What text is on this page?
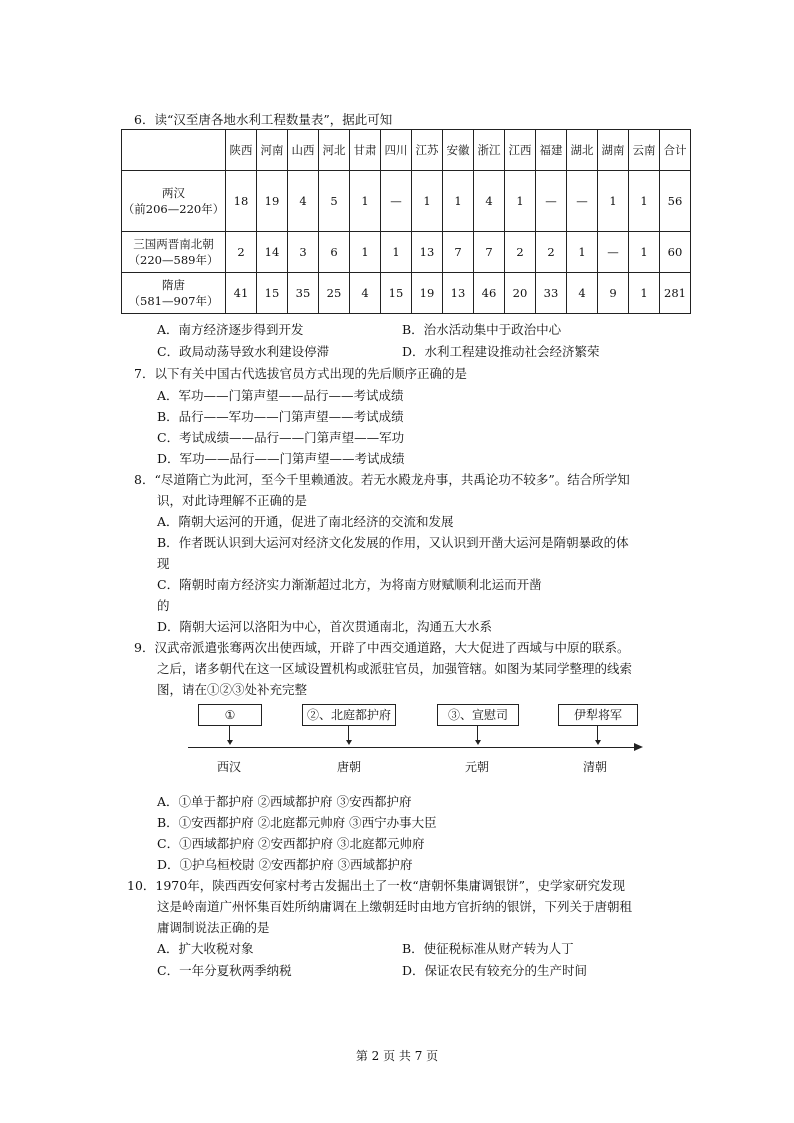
6．读“汉至唐各地水利工程数量表”，据此可知
	陕西	河南	山西	河北	甘肃	四川	江苏	安徽	浙江	江西	福建	湖北	湖南	云南	合计

两汉
（前206—220年）	18	19	4	5	1	—	1	1	4	1	—	—	1	1	56

三国两晋南北朝
（220—589年）	2	14	3	6	1	1	13	7	7	2	2	1	—	1	60

隋唐
（581—907年）	41	15	35	25	4	15	19	13	46	20	33	4	9	1	281
A．南方经济逐步得到开发	B．治水活动集中于政治中心
C．政局动荡导致水利建设停滞	D．水利工程建设推动社会经济繁荣
7．以下有关中国古代选拔官员方式出现的先后顺序正确的是
A．军功——门第声望——品行——考试成绩
B．品行——军功——门第声望——考试成绩
C．考试成绩——品行——门第声望——军功
D．军功——品行——门第声望——考试成绩
8．“尽道隋亡为此河，至今千里赖通波。若无水殿龙舟事，共禹论功不较多”。结合所学知
识，对此诗理解不正确的是
A．隋朝大运河的开通，促进了南北经济的交流和发展
B．作者既认识到大运河对经济文化发展的作用，又认识到开凿大运河是隋朝暴政的体
现
C．隋朝时南方经济实力渐渐超过北方，为将南方财赋顺利北运而开凿
的
D．隋朝大运河以洛阳为中心，首次贯通南北，沟通五大水系
9．汉武帝派遣张骞两次出使西域，开辟了中西交通道路，大大促进了西域与中原的联系。
之后，诸多朝代在这一区域设置机构或派驻官员，加强管辖。如图为某同学整理的线索
图，请在①②③处补充完整
①	②、北庭都护府	③、宣慰司	伊犁将军
西汉	唐朝	元朝	清朝
A．①单于都护府 ②西域都护府 ③安西都护府
B．①安西都护府 ②北庭都元帅府 ③西宁办事大臣
C．①西域都护府 ②安西都护府 ③北庭都元帅府
D．①护乌桓校尉 ②安西都护府 ③西域都护府
10．1970年，陕西西安何家村考古发掘出土了一枚“唐朝怀集庸调银饼”，史学家研究发现
这是岭南道广州怀集百姓所纳庸调在上缴朝廷时由地方官折纳的银饼，下列关于唐朝租
庸调制说法正确的是
A．扩大收税对象	B．使征税标准从财产转为人丁
C．一年分夏秋两季纳税	D．保证农民有较充分的生产时间
第 2 页 共 7 页
